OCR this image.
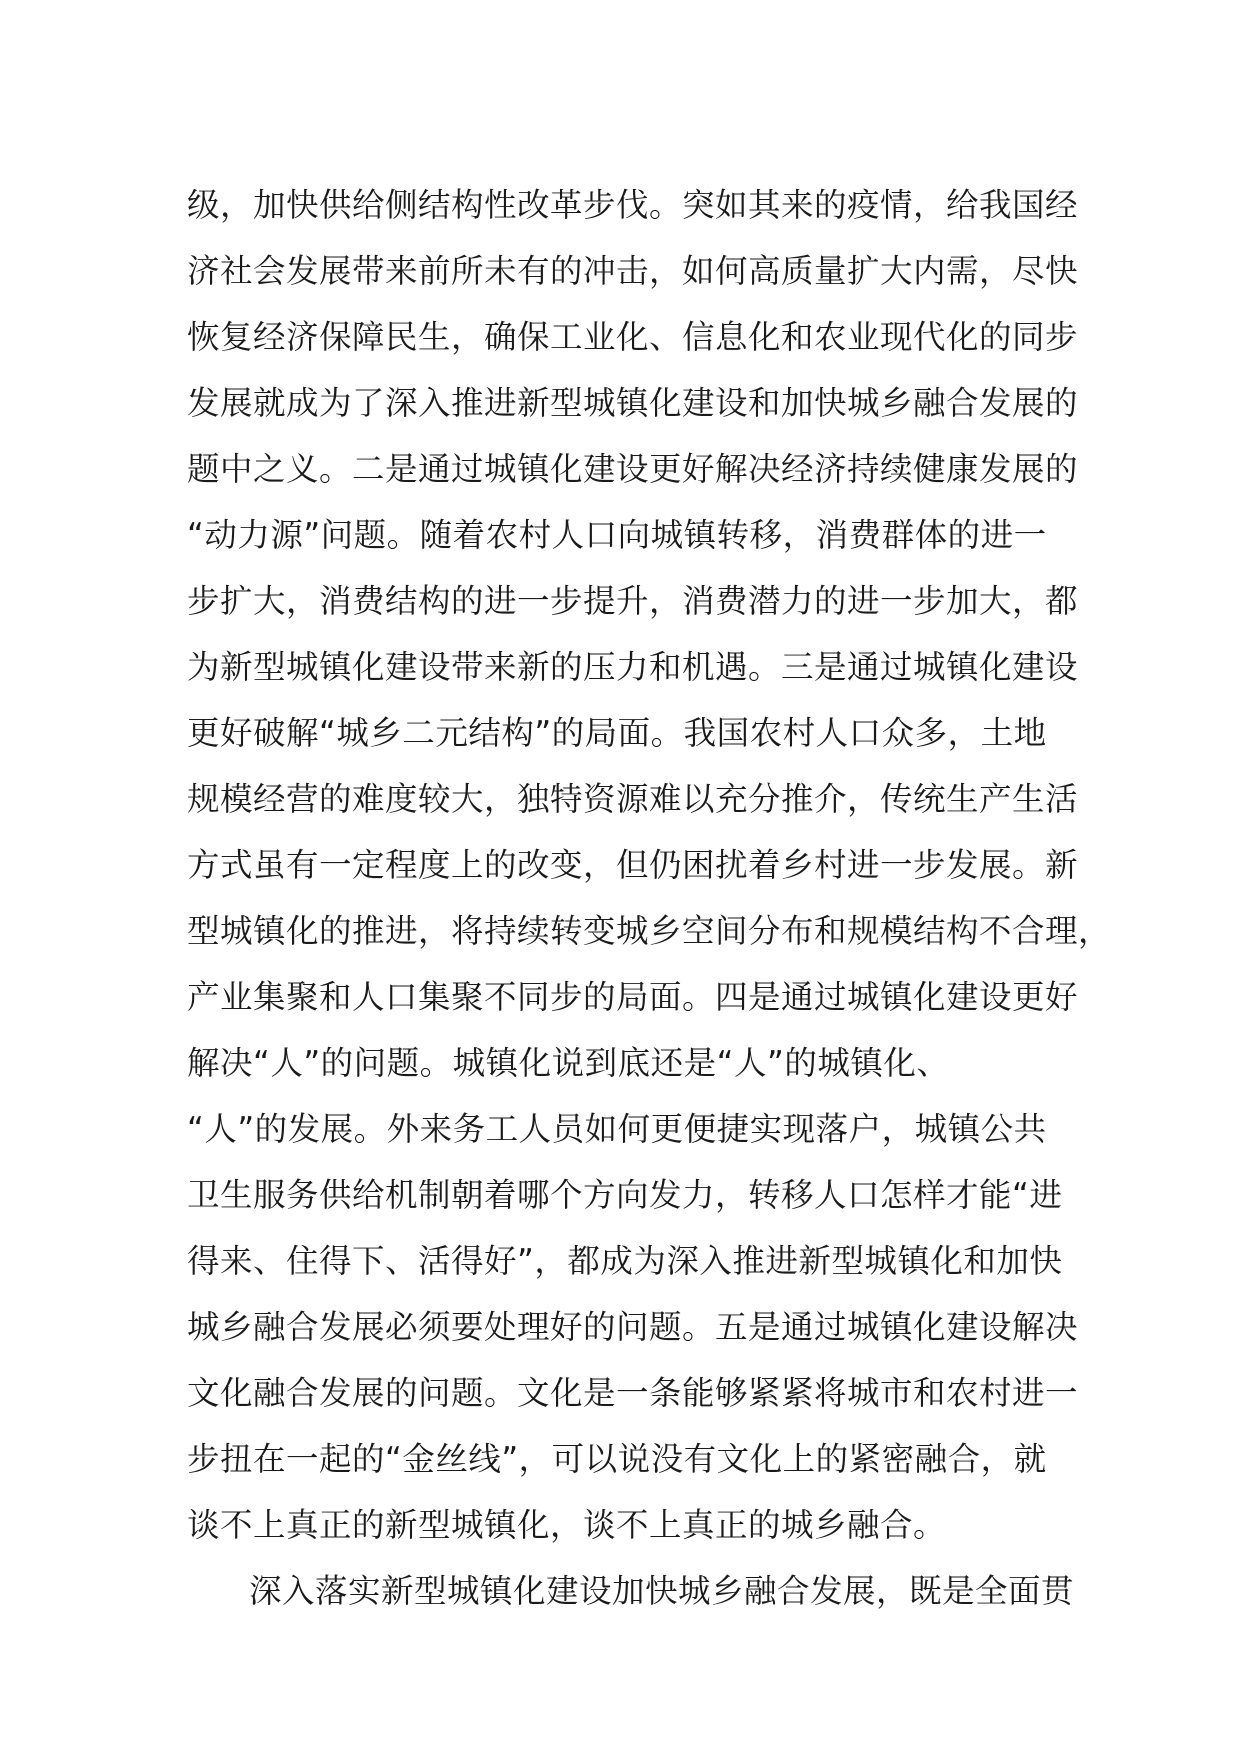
级，加快供给侧结构性改革步伐。突如其来的疫情，给我国经
济社会发展带来前所未有的冲击，如何高质量扩大内需，尽快
恢复经济保障民生，确保工业化、信息化和农业现代化的同步
发展就成为了深入推进新型城镇化建设和加快城乡融合发展的
题中之义。二是通过城镇化建设更好解决经济持续健康发展的
“动力源”问题。随着农村人口向城镇转移，消费群体的进一
步扩大，消费结构的进一步提升，消费潜力的进一步加大，都
为新型城镇化建设带来新的压力和机遇。三是通过城镇化建设
更好破解“城乡二元结构”的局面。我国农村人口众多，土地
规模经营的难度较大，独特资源难以充分推介，传统生产生活
方式虽有一定程度上的改变，但仍困扰着乡村进一步发展。新
型城镇化的推进，将持续转变城乡空间分布和规模结构不合理，
产业集聚和人口集聚不同步的局面。四是通过城镇化建设更好
解决“人”的问题。城镇化说到底还是“人”的城镇化、
“人”的发展。外来务工人员如何更便捷实现落户，城镇公共
卫生服务供给机制朝着哪个方向发力，转移人口怎样才能“进
得来、住得下、活得好”，都成为深入推进新型城镇化和加快
城乡融合发展必须要处理好的问题。五是通过城镇化建设解决
文化融合发展的问题。文化是一条能够紧紧将城市和农村进一
步扭在一起的“金丝线”，可以说没有文化上的紧密融合，就
谈不上真正的新型城镇化，谈不上真正的城乡融合。
深入落实新型城镇化建设加快城乡融合发展，既是全面贯
